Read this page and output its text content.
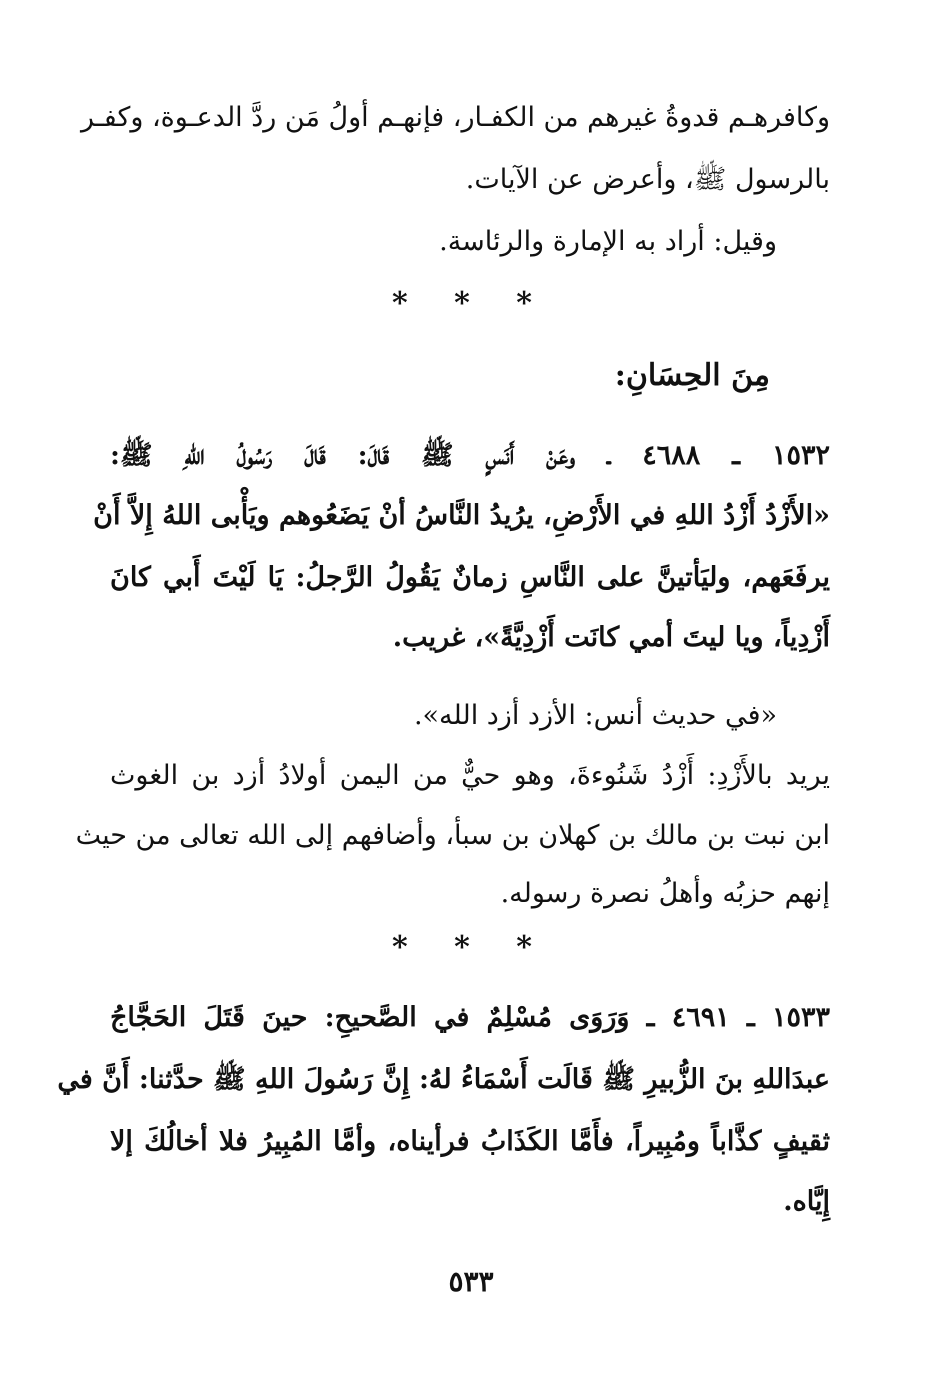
وكافرهـم قدوةُ غيرهم من الكفـار، فإنهـم أولُ مَن ردَّ الدعـوة، وكفـر
بالرسول ﷺ، وأعرض عن الآيات.
وقيل: أراد به الإمارة والرئاسة.
* * *
مِنَ الحِسَانِ:
١٥٣٢ ـ ٤٦٨٨ ـ وعَنْ أَنَسٍ ﷺ قَالَ: قَالَ رَسُولُ اللهِ ﷺ:
«الأَزْدُ أَزْدُ اللهِ في الأَرْضِ، يرُيدُ النَّاسُ أنْ يَضَعُوهم ويَأْبى اللهُ إِلاَّ أَنْ
يرفَعَهم، وليَأتينَّ على النَّاسِ زمانٌ يَقُولُ الرَّجلُ: يَا لَيْتَ أَبي كانَ
أَزْدِياً، ويا ليتَ أمي كانَت أَزْدِيَّةً»، غريب.
«في حديث أنس: الأزد أزد الله».
يريد بالأَزْدِ: أَزْدُ شَنُوءةَ، وهو حيٌّ من اليمن أولادُ أزد بن الغوث
ابن نبت بن مالك بن كهلان بن سبأ، وأضافهم إلى الله تعالى من حيث
إنهم حزبُه وأهلُ نصرة رسوله.
* * *
١٥٣٣ ـ ٤٦٩١ ـ وَرَوَى مُسْلِمٌ في الصَّحيحِ: حينَ قَتَلَ الحَجَّاجُ
عبدَاللهِ بنَ الزُّبيرِ ﷺ قَالَت أَسْمَاءُ لهُ: إِنَّ رَسُولَ اللهِ ﷺ حدَّثنا: أَنَّ في
ثقيفٍ كذَّاباً ومُبِيراً، فأَمَّا الكَذَابُ فرأيناه، وأمَّا المُبِيرُ فلا أخالُكَ إلا
إِيَّاه.
٥٣٣
